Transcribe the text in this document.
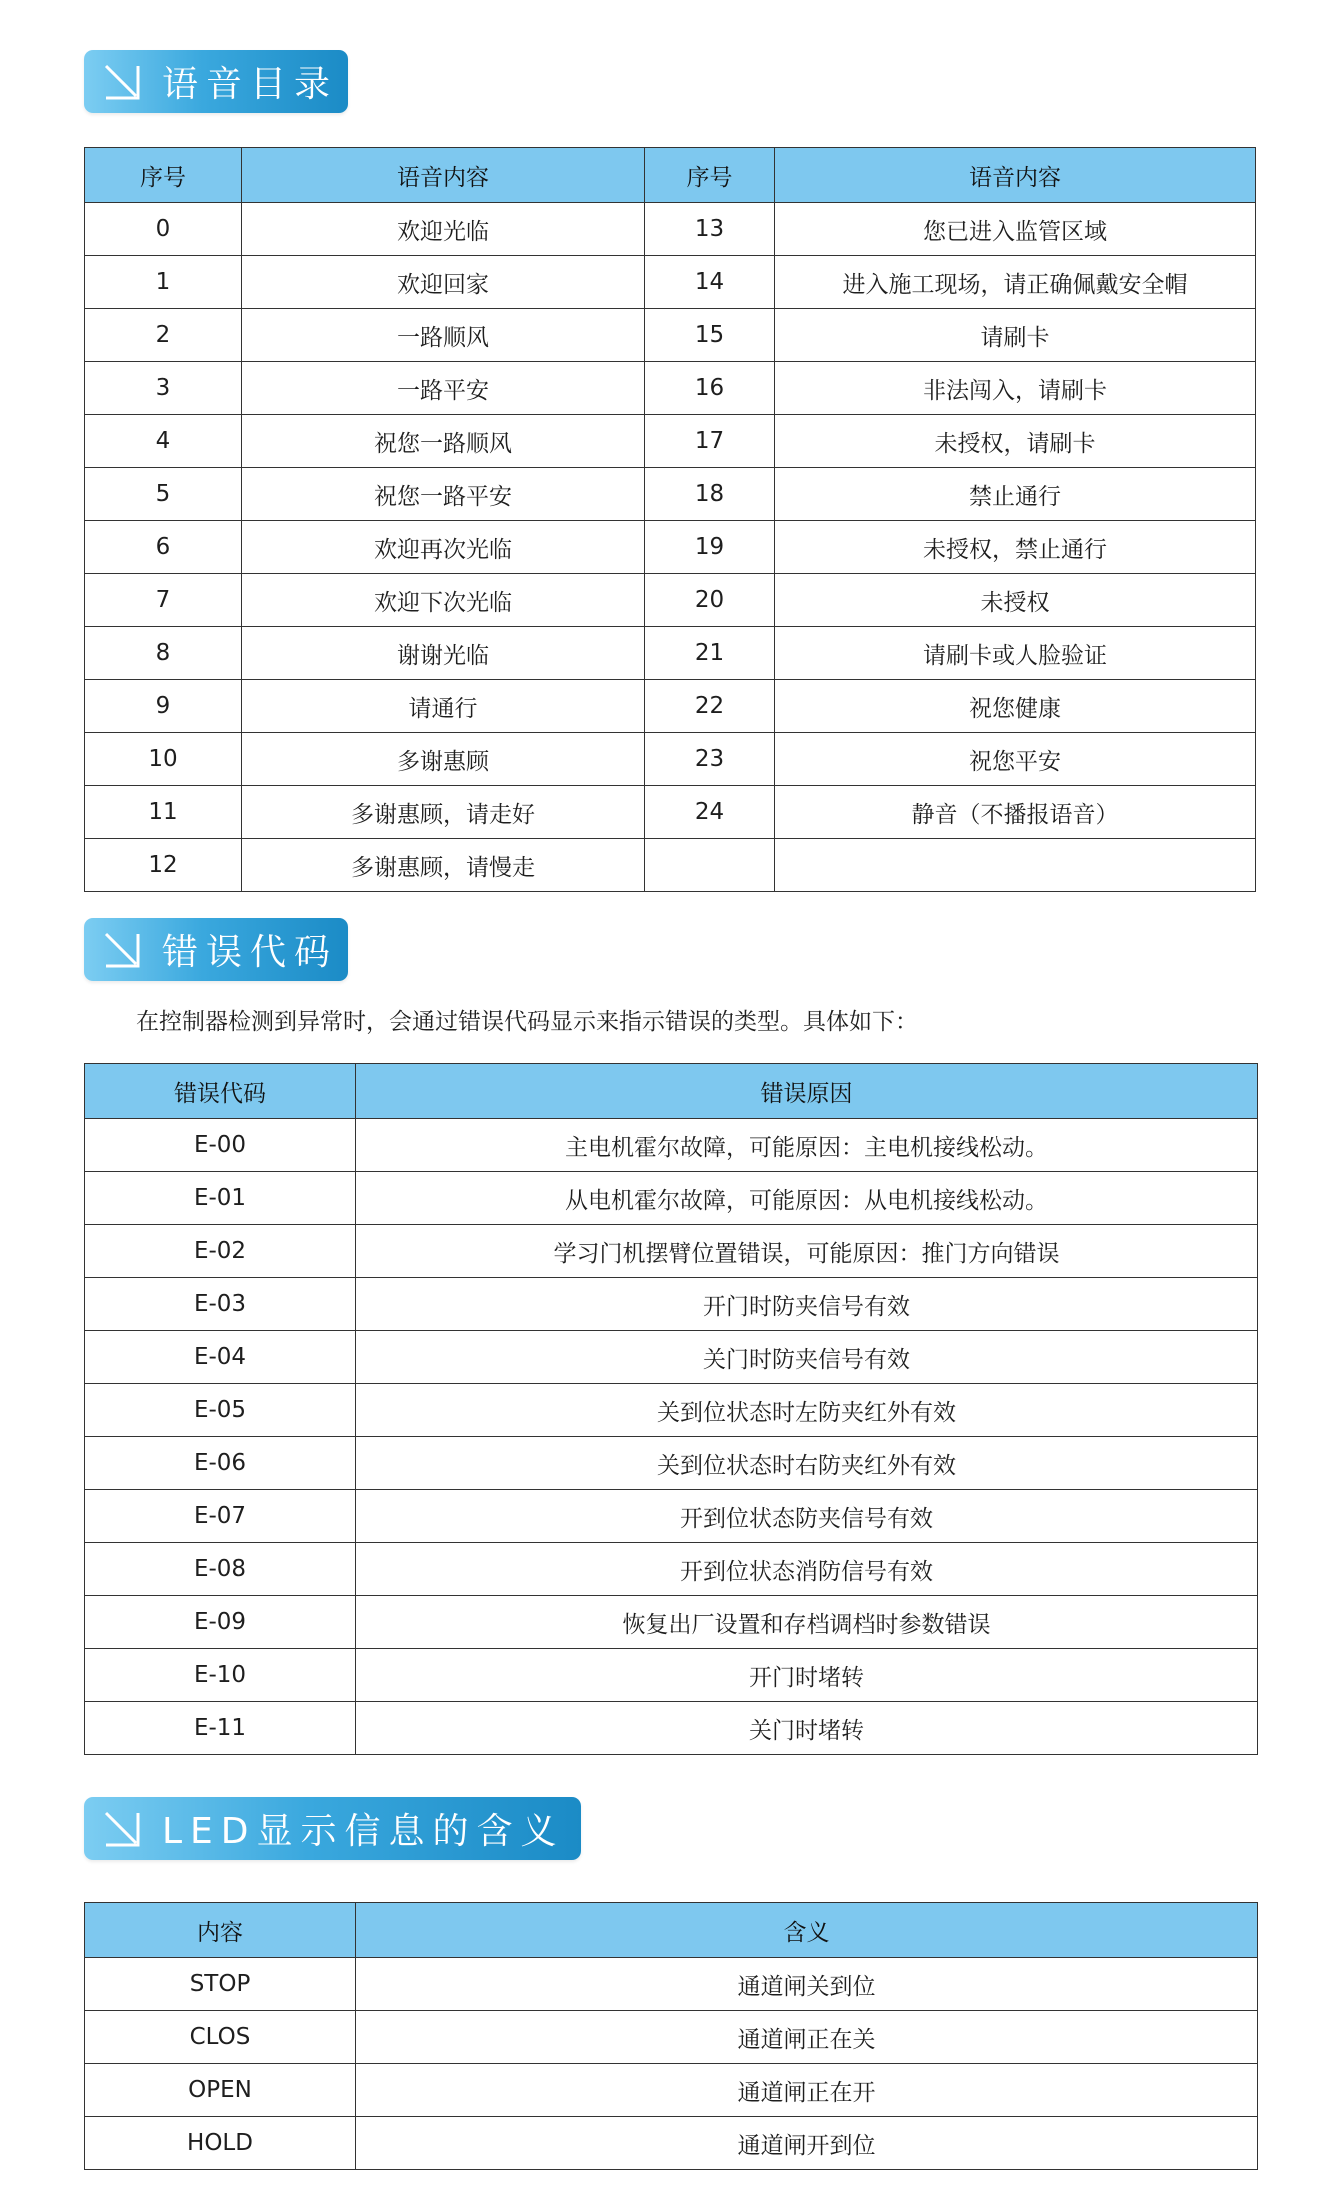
语音目录
序号	语音内容	序号	语音内容
0	欢迎光临	13	您已进入监管区域
1	欢迎回家	14	进入施工现场，请正确佩戴安全帽
2	一路顺风	15	请刷卡
3	一路平安	16	非法闯入，请刷卡
4	祝您一路顺风	17	未授权，请刷卡
5	祝您一路平安	18	禁止通行
6	欢迎再次光临	19	未授权，禁止通行
7	欢迎下次光临	20	未授权
8	谢谢光临	21	请刷卡或人脸验证
9	请通行	22	祝您健康
10	多谢惠顾	23	祝您平安
11	多谢惠顾，请走好	24	静音（不播报语音）
12	多谢惠顾，请慢走		
错误代码
在控制器检测到异常时，会通过错误代码显示来指示错误的类型。具体如下：
错误代码	错误原因
E-00	主电机霍尔故障，可能原因：主电机接线松动。
E-01	从电机霍尔故障，可能原因：从电机接线松动。
E-02	学习门机摆臂位置错误，可能原因：推门方向错误
E-03	开门时防夹信号有效
E-04	关门时防夹信号有效
E-05	关到位状态时左防夹红外有效
E-06	关到位状态时右防夹红外有效
E-07	开到位状态防夹信号有效
E-08	开到位状态消防信号有效
E-09	恢复出厂设置和存档调档时参数错误
E-10	开门时堵转
E-11	关门时堵转
LED显示信息的含义
内容	含义
STOP	通道闸关到位
CLOS	通道闸正在关
OPEN	通道闸正在开
HOLD	通道闸开到位
